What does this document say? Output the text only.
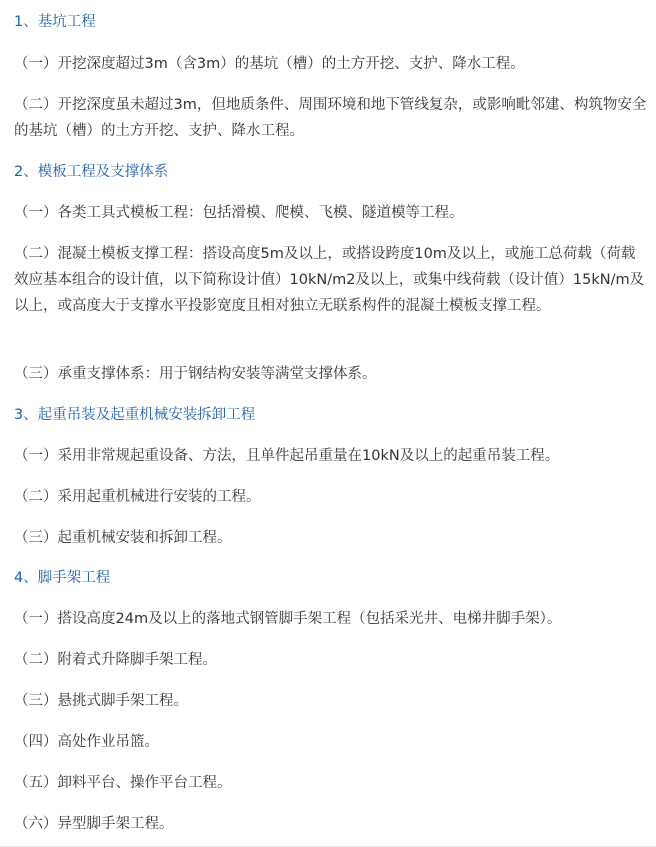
1、基坑工程

（一）开挖深度超过3m（含3m）的基坑（槽）的土方开挖、支护、降水工程。

（二）开挖深度虽未超过3m，但地质条件、周围环境和地下管线复杂，或影响毗邻建、构筑物安全的基坑（槽）的土方开挖、支护、降水工程。

2、模板工程及支撑体系

（一）各类工具式模板工程：包括滑模、爬模、飞模、隧道模等工程。

（二）混凝土模板支撑工程：搭设高度5m及以上，或搭设跨度10m及以上，或施工总荷载（荷载效应基本组合的设计值，以下简称设计值）10kN/m2及以上，或集中线荷载（设计值）15kN/m及以上，或高度大于支撑水平投影宽度且相对独立无联系构件的混凝土模板支撑工程。

（三）承重支撑体系：用于钢结构安装等满堂支撑体系。

3、起重吊装及起重机械安装拆卸工程

（一）采用非常规起重设备、方法，且单件起吊重量在10kN及以上的起重吊装工程。

（二）采用起重机械进行安装的工程。

（三）起重机械安装和拆卸工程。

4、脚手架工程

（一）搭设高度24m及以上的落地式钢管脚手架工程（包括采光井、电梯井脚手架）。

（二）附着式升降脚手架工程。

（三）悬挑式脚手架工程。

（四）高处作业吊篮。

（五）卸料平台、操作平台工程。

（六）异型脚手架工程。
